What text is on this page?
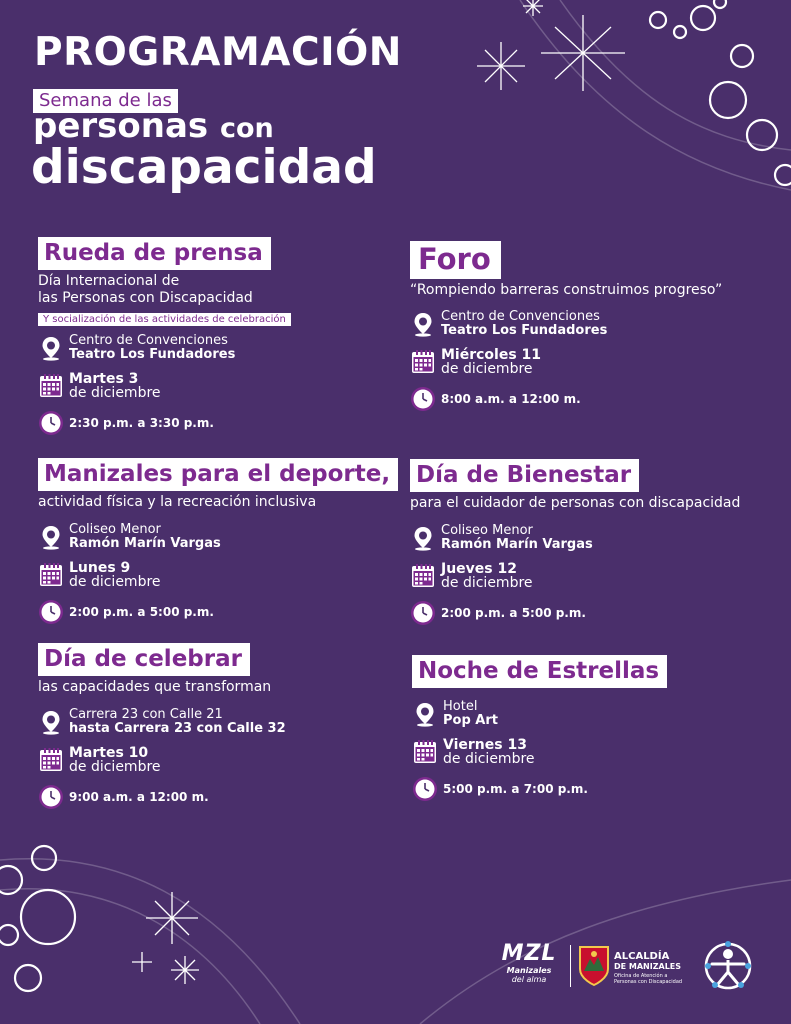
PROGRAMACIÓN
Semana de las
personas con
discapacidad
Rueda de prensa
Día Internacional de
las Personas con Discapacidad
Y socialización de las actividades de celebración
Centro de Convenciones
Teatro Los Fundadores
Martes 3
de diciembre
2:30 p.m. a 3:30 p.m.
Foro
“Rompiendo barreras construimos progreso”
Centro de Convenciones
Teatro Los Fundadores
Miércoles 11
de diciembre
8:00 a.m. a 12:00 m.
Manizales para el deporte,
actividad física y la recreación inclusiva
Coliseo Menor
Ramón Marín Vargas
Lunes 9
de diciembre
2:00 p.m. a 5:00 p.m.
Día de Bienestar
para el cuidador de personas con discapacidad
Coliseo Menor
Ramón Marín Vargas
Jueves 12
de diciembre
2:00 p.m. a 5:00 p.m.
Día de celebrar
las capacidades que transforman
Carrera 23 con Calle 21
hasta Carrera 23 con Calle 32
Martes 10
de diciembre
9:00 a.m. a 12:00 m.
Noche de Estrellas
Hotel
Pop Art
Viernes 13
de diciembre
5:00 p.m. a 7:00 p.m.
MZL
Manizales
del alma
ALCALDÍA
DE MANIZALES
Oficina de Atención a
Personas con Discapacidad
